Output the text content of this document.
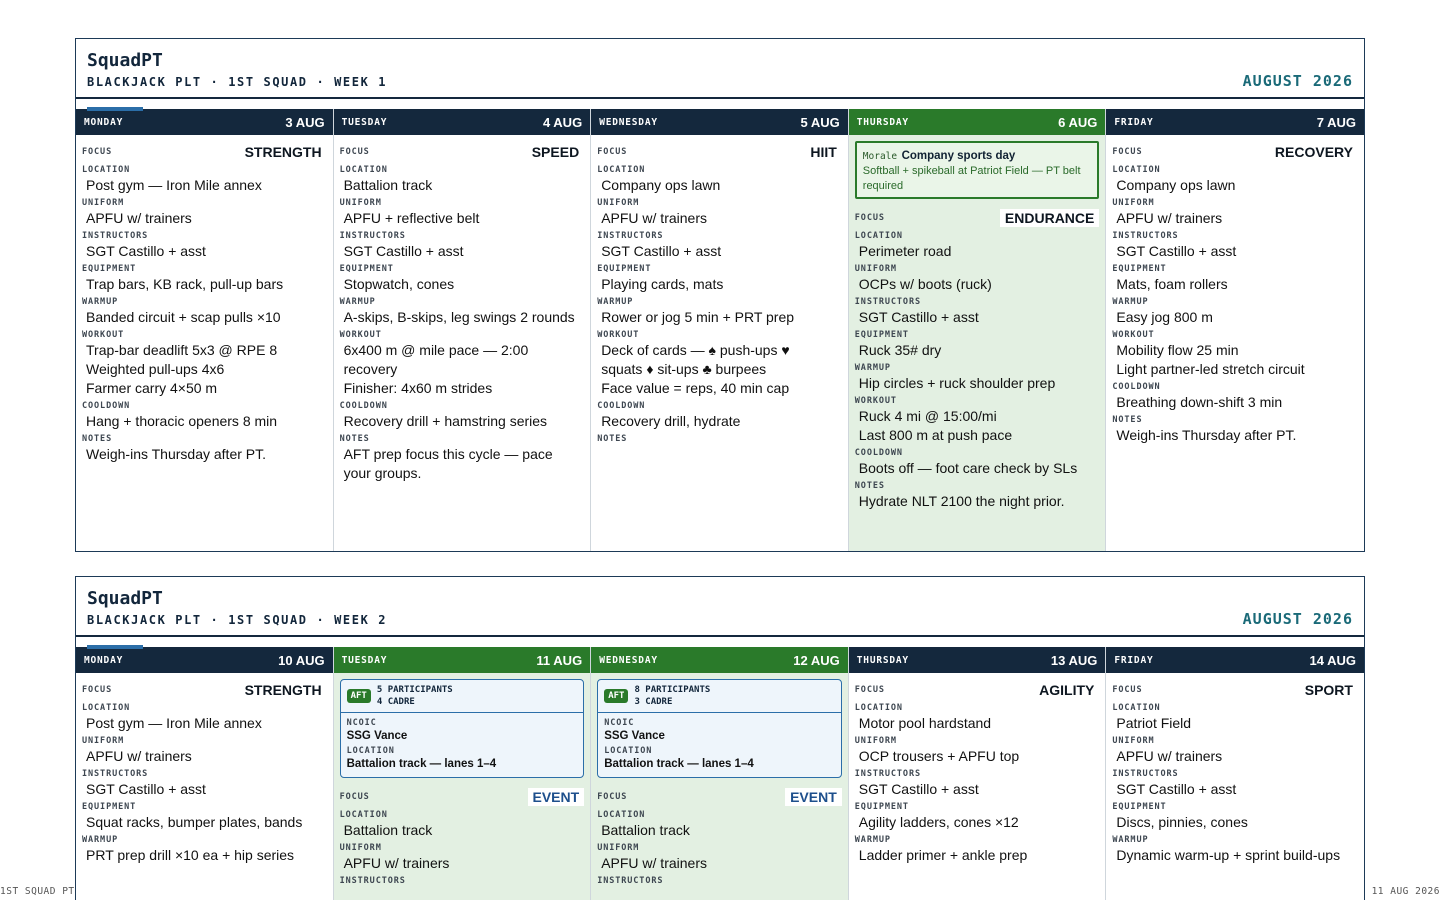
SquadPT
BLACKJACK PLT · 1ST SQUAD · WEEK 1	AUGUST 2026
MONDAY	3 AUG
FOCUS	STRENGTH
LOCATION
Post gym — Iron Mile annex
UNIFORM
APFU w/ trainers
INSTRUCTORS
SGT Castillo + asst
EQUIPMENT
Trap bars, KB rack, pull-up bars
WARMUP
Banded circuit + scap pulls ×10
WORKOUT
Trap-bar deadlift 5x3 @ RPE 8
Weighted pull-ups 4x6
Farmer carry 4×50 m
COOLDOWN
Hang + thoracic openers 8 min
NOTES
Weigh-ins Thursday after PT.
TUESDAY	4 AUG
FOCUS	SPEED
LOCATION
Battalion track
UNIFORM
APFU + reflective belt
INSTRUCTORS
SGT Castillo + asst
EQUIPMENT
Stopwatch, cones
WARMUP
A-skips, B-skips, leg swings 2 rounds
WORKOUT
6x400 m @ mile pace — 2:00
recovery
Finisher: 4x60 m strides
COOLDOWN
Recovery drill + hamstring series
NOTES
AFT prep focus this cycle — pace
your groups.
WEDNESDAY	5 AUG
FOCUS	HIIT
LOCATION
Company ops lawn
UNIFORM
APFU w/ trainers
INSTRUCTORS
SGT Castillo + asst
EQUIPMENT
Playing cards, mats
WARMUP
Rower or jog 5 min + PRT prep
WORKOUT
Deck of cards — ♠ push-ups ♥
squats ♦ sit-ups ♣ burpees
Face value = reps, 40 min cap
COOLDOWN
Recovery drill, hydrate
NOTES
THURSDAY	6 AUG
Morale Company sports day
Softball + spikeball at Patriot Field — PT belt required
FOCUS	ENDURANCE
LOCATION
Perimeter road
UNIFORM
OCPs w/ boots (ruck)
INSTRUCTORS
SGT Castillo + asst
EQUIPMENT
Ruck 35# dry
WARMUP
Hip circles + ruck shoulder prep
WORKOUT
Ruck 4 mi @ 15:00/mi
Last 800 m at push pace
COOLDOWN
Boots off — foot care check by SLs
NOTES
Hydrate NLT 2100 the night prior.
FRIDAY	7 AUG
FOCUS	RECOVERY
LOCATION
Company ops lawn
UNIFORM
APFU w/ trainers
INSTRUCTORS
SGT Castillo + asst
EQUIPMENT
Mats, foam rollers
WARMUP
Easy jog 800 m
WORKOUT
Mobility flow 25 min
Light partner-led stretch circuit
COOLDOWN
Breathing down-shift 3 min
NOTES
Weigh-ins Thursday after PT.
SquadPT
BLACKJACK PLT · 1ST SQUAD · WEEK 2	AUGUST 2026
MONDAY	10 AUG
FOCUS	STRENGTH
LOCATION
Post gym — Iron Mile annex
UNIFORM
APFU w/ trainers
INSTRUCTORS
SGT Castillo + asst
EQUIPMENT
Squat racks, bumper plates, bands
WARMUP
PRT prep drill ×10 ea + hip series
TUESDAY	11 AUG
AFT
5 PARTICIPANTS
4 CADRE
NCOIC
SSG Vance
LOCATION
Battalion track — lanes 1–4
FOCUS	EVENT
LOCATION
Battalion track
UNIFORM
APFU w/ trainers
INSTRUCTORS
WEDNESDAY	12 AUG
AFT
8 PARTICIPANTS
3 CADRE
NCOIC
SSG Vance
LOCATION
Battalion track — lanes 1–4
FOCUS	EVENT
LOCATION
Battalion track
UNIFORM
APFU w/ trainers
INSTRUCTORS
THURSDAY	13 AUG
FOCUS	AGILITY
LOCATION
Motor pool hardstand
UNIFORM
OCP trousers + APFU top
INSTRUCTORS
SGT Castillo + asst
EQUIPMENT
Agility ladders, cones ×12
WARMUP
Ladder primer + ankle prep
FRIDAY	14 AUG
FOCUS	SPORT
LOCATION
Patriot Field
UNIFORM
APFU w/ trainers
INSTRUCTORS
SGT Castillo + asst
EQUIPMENT
Discs, pinnies, cones
WARMUP
Dynamic warm-up + sprint build-ups
1ST SQUAD PT	11 AUG 2026
